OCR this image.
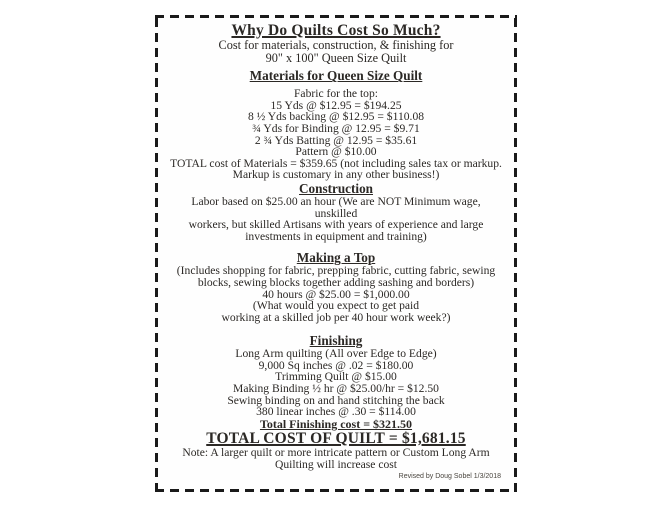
Why Do Quilts Cost So Much?
Cost for materials, construction, & finishing for
90" x 100" Queen Size Quilt
Materials for Queen Size Quilt
Fabric for the top:
15 Yds @ $12.95 = $194.25
8 ½ Yds backing @ $12.95 = $110.08
¾ Yds for Binding @ 12.95 = $9.71
2 ¾ Yds Batting @ 12.95 = $35.61
Pattern @ $10.00
TOTAL cost of Materials = $359.65 (not including sales tax or markup.
Markup is customary in any other business!)
Construction
Labor based on $25.00 an hour (We are NOT Minimum wage, unskilled
workers, but skilled Artisans with years of experience and large
investments in equipment and training)
Making a Top
(Includes shopping for fabric, prepping fabric, cutting fabric, sewing
blocks, sewing blocks together adding sashing and borders)
40 hours @ $25.00 = $1,000.00
(What would you expect to get paid
working at a skilled job per 40 hour work week?)
Finishing
Long Arm quilting (All over Edge to Edge)
9,000 Sq inches @ .02 = $180.00
Trimming Quilt @ $15.00
Making Binding ½ hr @ $25.00/hr = $12.50
Sewing binding on and hand stitching the back
380 linear inches @ .30 = $114.00
Total Finishing cost = $321.50
TOTAL COST OF QUILT = $1,681.15
Note: A larger quilt or more intricate pattern or Custom Long Arm
Quilting will increase cost
Revised by Doug Sobel 1/3/2018
